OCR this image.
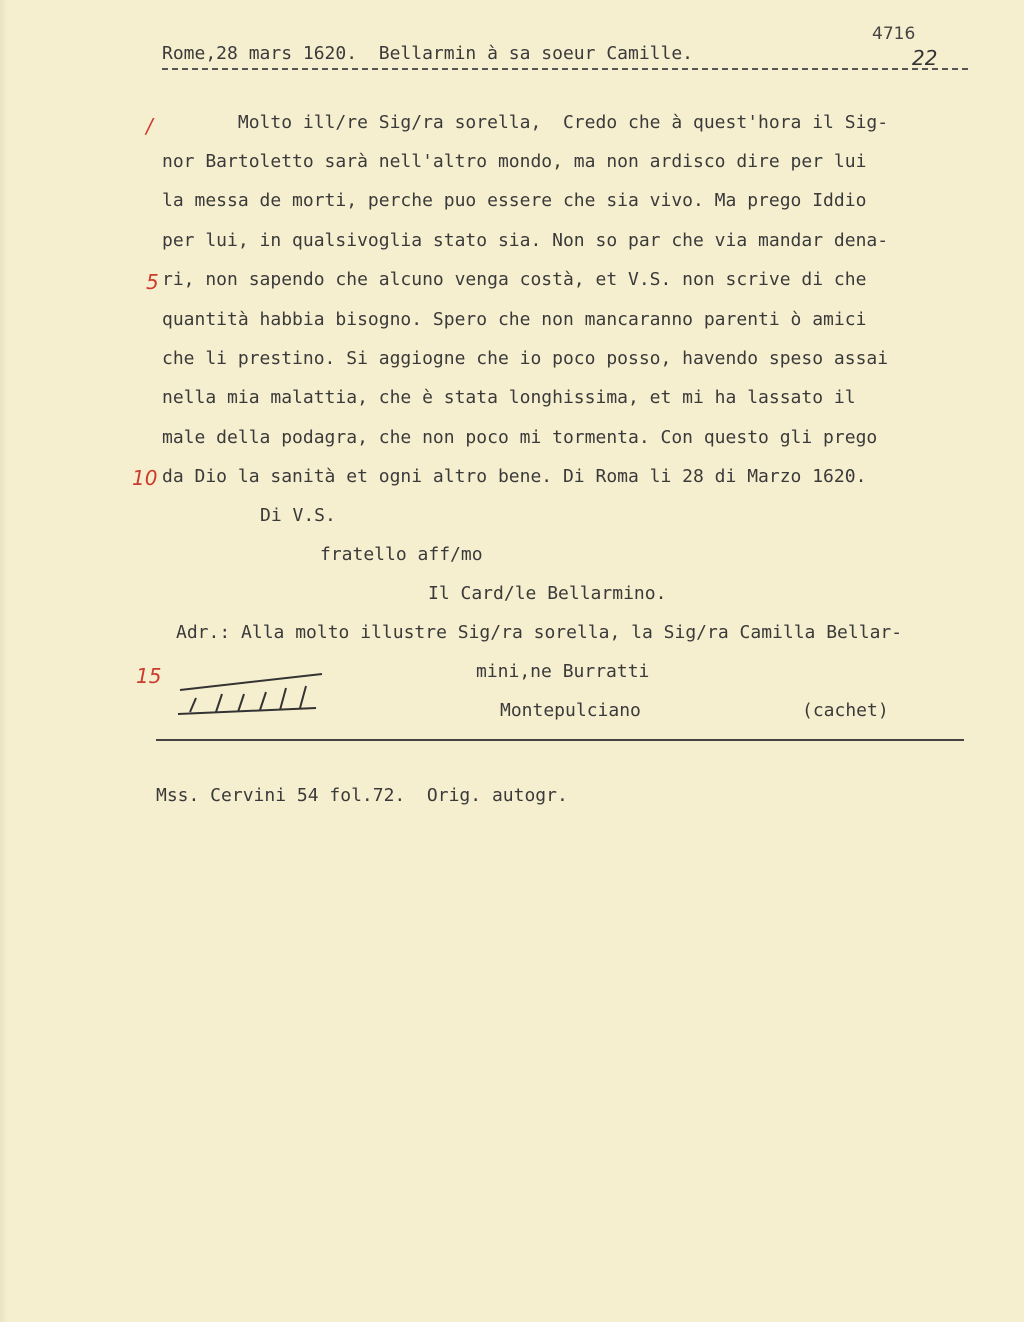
4716
22
Rome,28 mars 1620.  Bellarmin à sa soeur Camille.
/
5
10
15
Molto ill/re Sig/ra sorella,  Credo che à quest'hora il Sig-
nor Bartoletto sarà nell'altro mondo, ma non ardisco dire per lui
la messa de morti, perche puo essere che sia vivo. Ma prego Iddio
per lui, in qualsivoglia stato sia. Non so par che via mandar dena-
ri, non sapendo che alcuno venga costà, et V.S. non scrive di che
quantità habbia bisogno. Spero che non mancaranno parenti ò amici
che li prestino. Si aggiogne che io poco posso, havendo speso assai
nella mia malattia, che è stata longhissima, et mi ha lassato il
male della podagra, che non poco mi tormenta. Con questo gli prego
da Dio la sanità et ogni altro bene. Di Roma li 28 di Marzo 1620.
Di V.S.
fratello aff/mo
Il Card/le Bellarmino.
Adr.: Alla molto illustre Sig/ra sorella, la Sig/ra Camilla Bellar-
mini,ne Burratti
Montepulciano	(cachet)
Mss. Cervini 54 fol.72.  Orig. autogr.
